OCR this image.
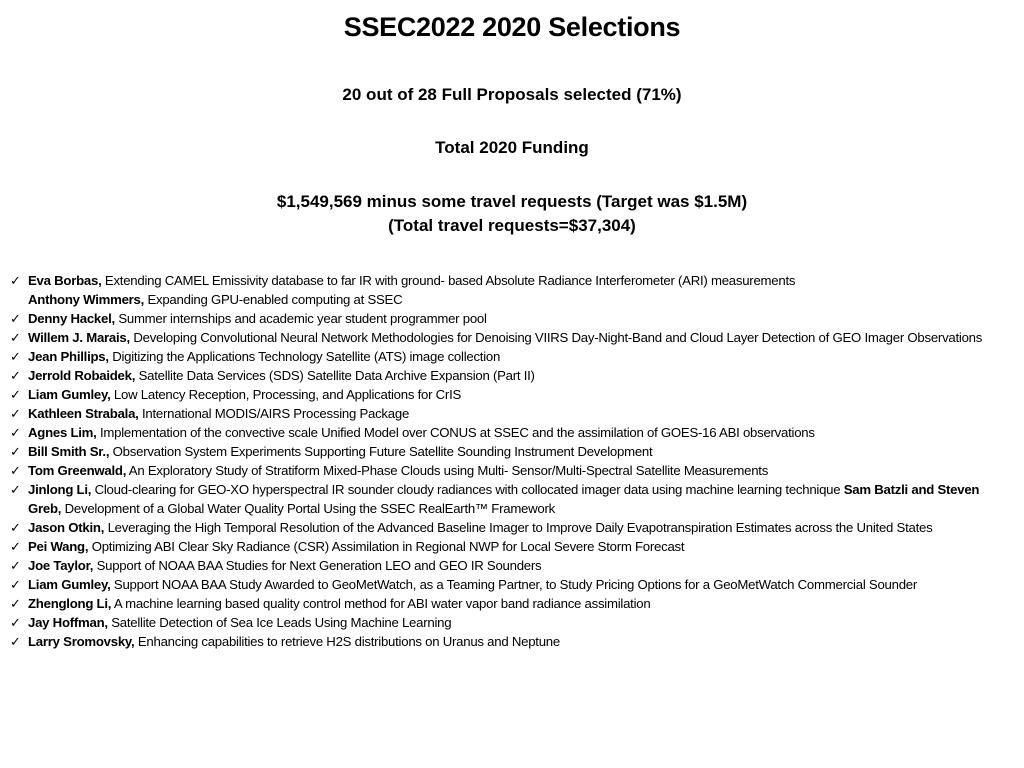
SSEC2022 2020 Selections
20 out of 28 Full Proposals selected (71%)
Total 2020 Funding
$1,549,569 minus some travel requests (Target was $1.5M)
(Total travel requests=$37,304)
✓ Eva Borbas, Extending CAMEL Emissivity database to far IR with ground- based Absolute Radiance Interferometer (ARI) measurements
Anthony Wimmers, Expanding GPU-enabled computing at SSEC
✓ Denny Hackel, Summer internships and academic year student programmer pool
✓ Willem J. Marais, Developing Convolutional Neural Network Methodologies for Denoising VIIRS Day-Night-Band and Cloud Layer Detection of GEO Imager Observations
✓ Jean Phillips, Digitizing the Applications Technology Satellite (ATS) image collection
✓ Jerrold Robaidek, Satellite Data Services (SDS) Satellite Data Archive Expansion (Part II)
✓ Liam Gumley, Low Latency Reception, Processing, and Applications for CrIS
✓ Kathleen Strabala, International MODIS/AIRS Processing Package
✓ Agnes Lim, Implementation of the convective scale Unified Model over CONUS at SSEC and the assimilation of GOES-16 ABI observations
✓ Bill Smith Sr., Observation System Experiments Supporting Future Satellite Sounding Instrument Development
✓ Tom Greenwald, An Exploratory Study of Stratiform Mixed-Phase Clouds using Multi- Sensor/Multi-Spectral Satellite Measurements
✓ Jinlong Li, Cloud-clearing for GEO-XO hyperspectral IR sounder cloudy radiances with collocated imager data using machine learning technique Sam Batzli and Steven Greb, Development of a Global Water Quality Portal Using the SSEC RealEarth™ Framework
✓ Jason Otkin, Leveraging the High Temporal Resolution of the Advanced Baseline Imager to Improve Daily Evapotranspiration Estimates across the United States
✓ Pei Wang, Optimizing ABI Clear Sky Radiance (CSR) Assimilation in Regional NWP for Local Severe Storm Forecast
✓ Joe Taylor, Support of NOAA BAA Studies for Next Generation LEO and GEO IR Sounders
✓ Liam Gumley, Support NOAA BAA Study Awarded to GeoMetWatch, as a Teaming Partner, to Study Pricing Options for a GeoMetWatch Commercial Sounder
✓ Zhenglong Li, A machine learning based quality control method for ABI water vapor band radiance assimilation
✓ Jay Hoffman, Satellite Detection of Sea Ice Leads Using Machine Learning
✓ Larry Sromovsky, Enhancing capabilities to retrieve H2S distributions on Uranus and Neptune
